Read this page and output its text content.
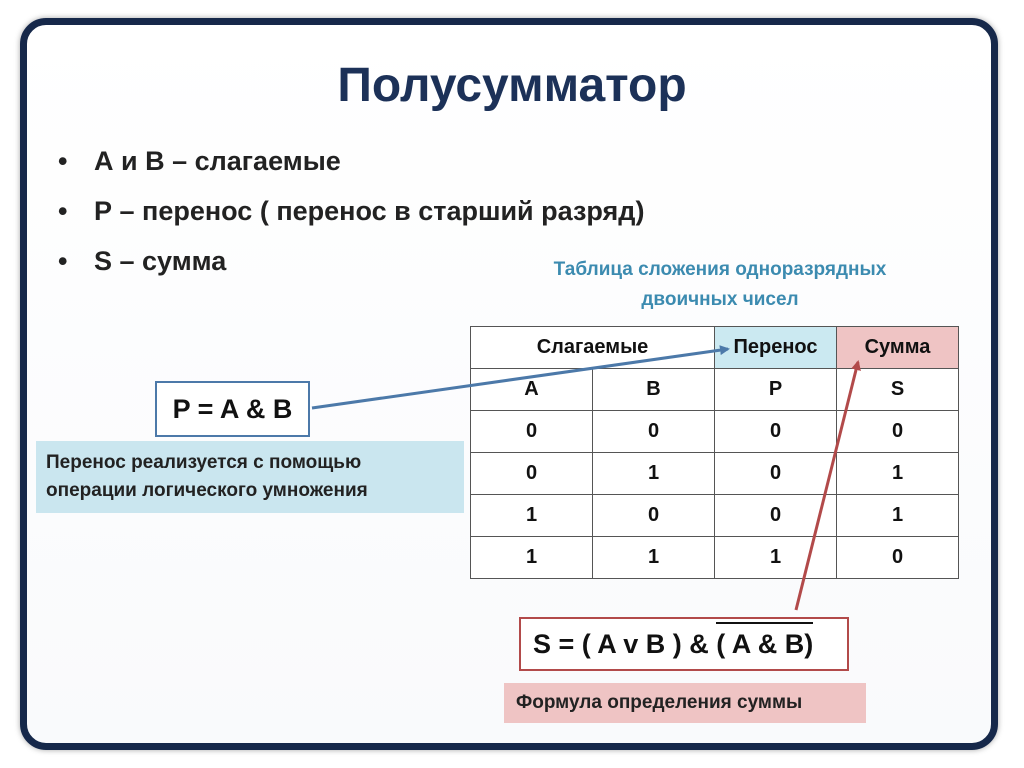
Полусумматор
• А и В – слагаемые
• Р – перенос ( перенос в старший разряд)
• S – сумма	Таблица сложения одноразрядных
двоичных чисел
Слагаемые		Перенос	Сумма
A	B	P	S
0	0	0	0
0	1	0	1
1	0	0	1
1	1	1	0
P = A & B
Перенос реализуется с помощью операции логического умножения
S = ( A v B ) & ( A & B)
Формула определения суммы
